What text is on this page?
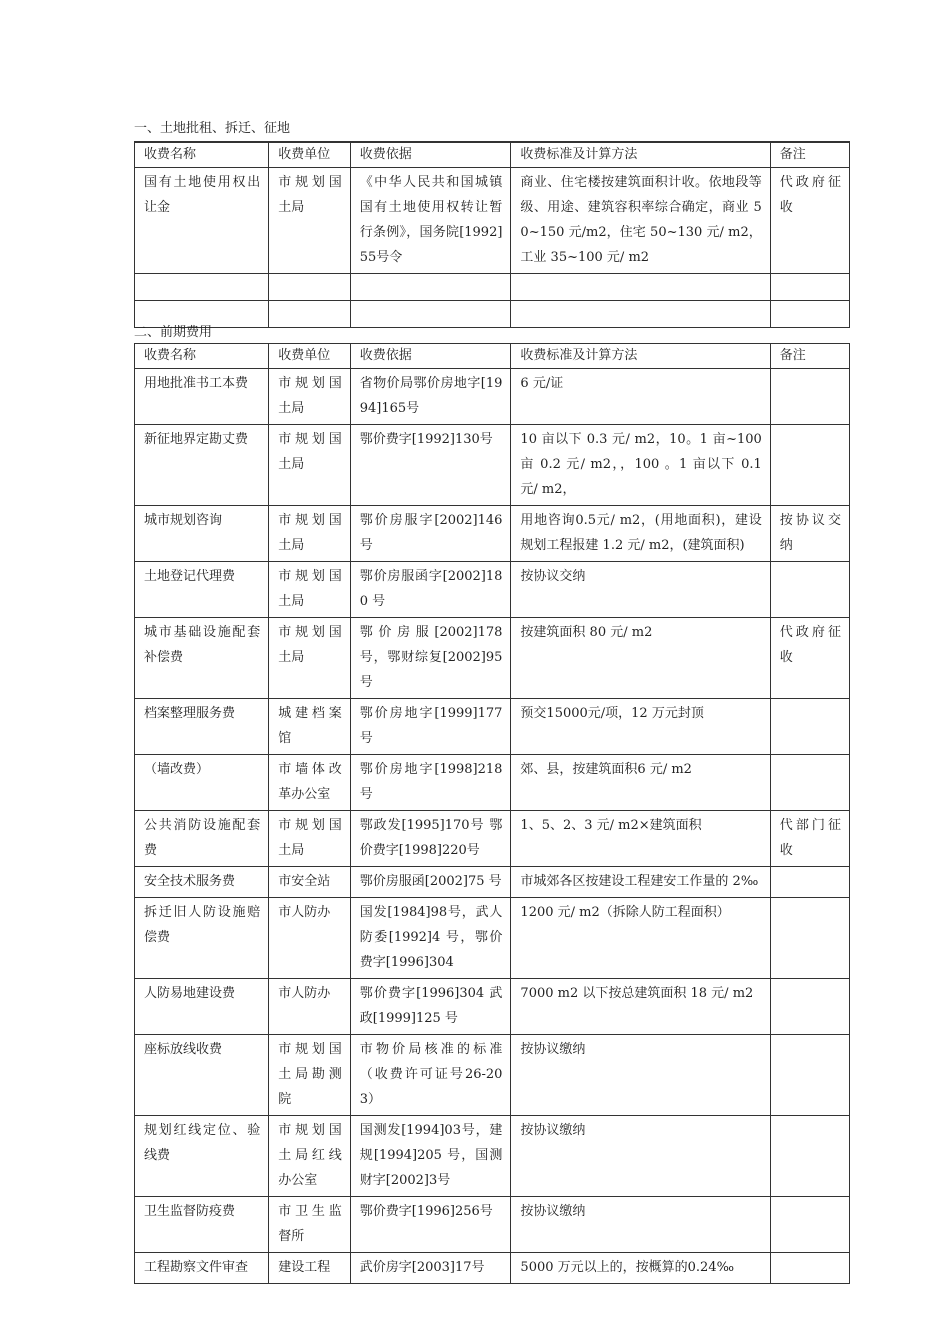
一、土地批租、拆迁、征地
收费名称	收费单位	收费依据	收费标准及计算方法	备注
国有土地使用权出让金	市规划国土局	《中华人民共和国城镇国有土地使用权转让暂行条例》，国务院[1992]55号令	商业、住宅楼按建筑面积计收。依地段等级、用途、建筑容积率综合确定，商业 50~150 元/m2，住宅 50~130 元/ m2，工业 35~100 元/ m2	代政府征收

二、前期费用
收费名称	收费单位	收费依据	收费标准及计算方法	备注
用地批准书工本费	市规划国土局	省物价局鄂价房地字[1994]165号	6 元/证	
新征地界定勘丈费	市规划国土局	鄂价费字[1992]130号	10 亩以下 0.3 元/ m2，10。1 亩~100 亩 0.2 元/ m2，，100 。1 亩以下 0.1 元/ m2，	
城市规划咨询	市规划国土局	鄂价房服字[2002]146号	用地咨询0.5元/ m2，(用地面积)，建设规划工程报建 1.2 元/ m2，(建筑面积)	按协议交纳
土地登记代理费	市规划国土局	鄂价房服函字[2002]180 号	按协议交纳	
城市基础设施配套补偿费	市规划国土局	鄂价房服[2002]178号，鄂财综复[2002]95 号	按建筑面积 80 元/ m2	代政府征收
档案整理服务费	城建档案馆	鄂价房地字[1999]177号	预交15000元/项，12 万元封顶	
（墙改费）	市墙体改革办公室	鄂价房地字[1998]218号	郊、县，按建筑面积6 元/ m2	
公共消防设施配套费	市规划国土局	鄂政发[1995]170号 鄂价费字[1998]220号	1、5、2、3 元/ m2×建筑面积	代部门征收
安全技术服务费	市安全站	鄂价房服函[2002]75 号	市城郊各区按建设工程建安工作量的 2‰	
拆迁旧人防设施赔偿费	市人防办	国发[1984]98号，武人防委[1992]4 号，鄂价费字[1996]304	1200 元/ m2（拆除人防工程面积）	
人防易地建设费	市人防办	鄂价费字[1996]304 武政[1999]125 号	7000 m2 以下按总建筑面积 18 元/ m2	
座标放线收费	市规划国土局勘测院	市物价局核准的标准（收费许可证号26-203）	按协议缴纳	
规划红线定位、验线费	市规划国土局红线办公室	国测发[1994]03号，建规[1994]205 号，国测财字[2002]3号	按协议缴纳	
卫生监督防疫费	市卫生监督所	鄂价费字[1996]256号	按协议缴纳	
工程勘察文件审查	建设工程	武价房字[2003]17号	5000 万元以上的，按概算的0.24‰	
